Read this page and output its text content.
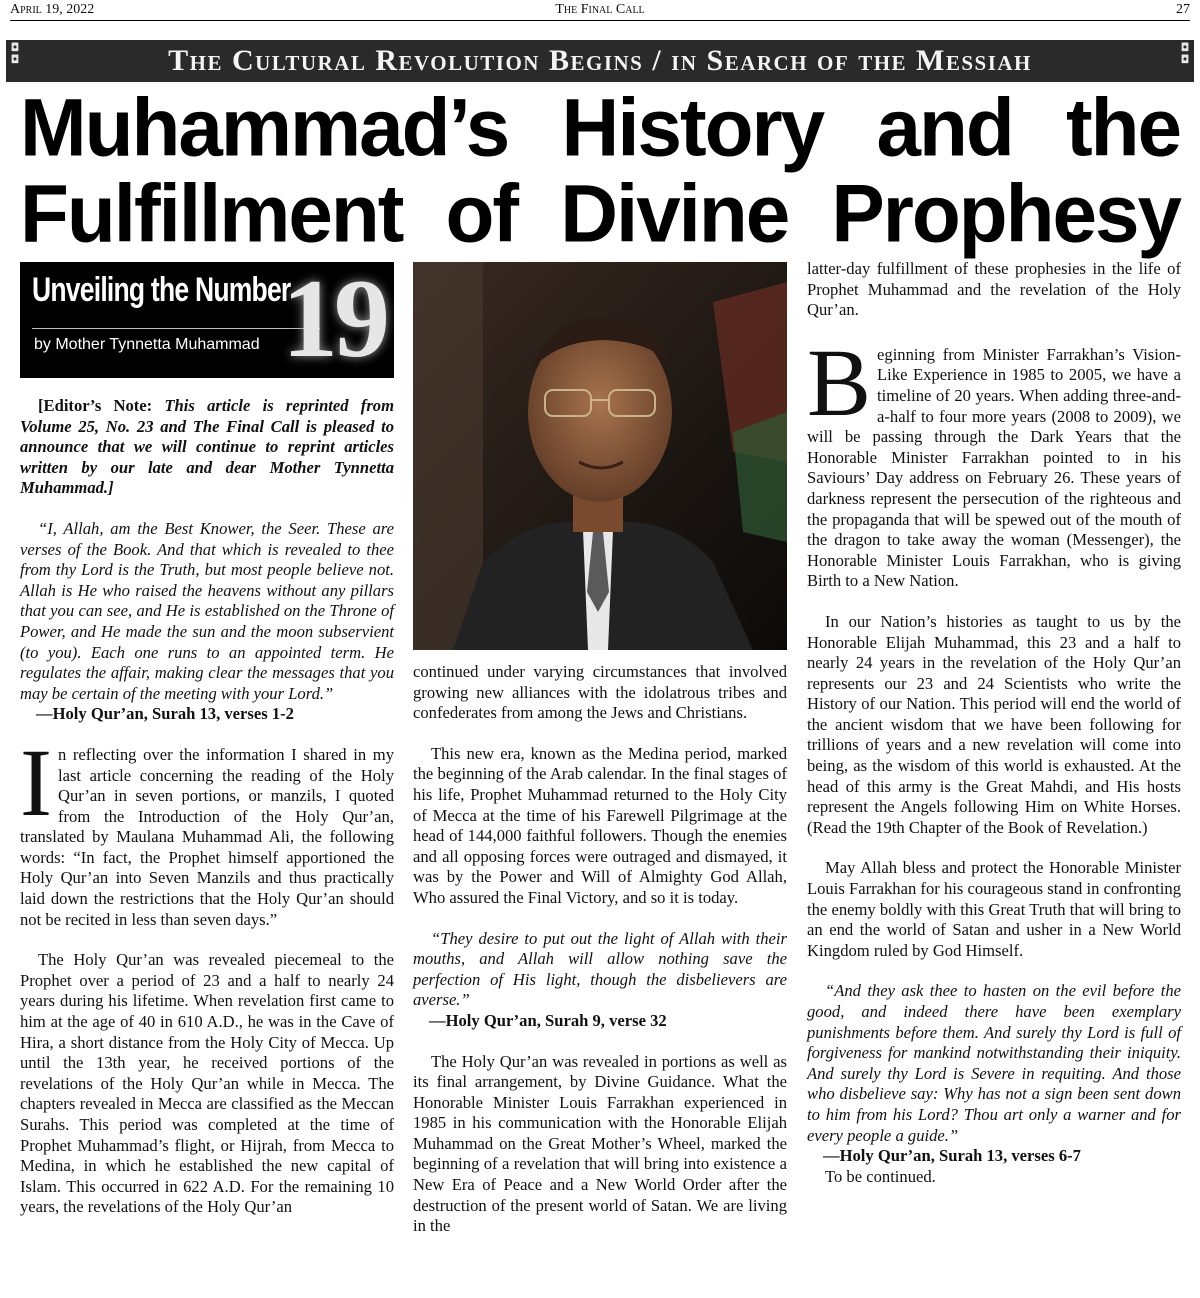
April 19, 2022	The Final Call	27
◘
◘	The Cultural Revolution Begins / in Search of the Messiah	◘
◘
Muhammad’s History and the
Fulfillment of Divine Prophesy
Unveiling the Number
by Mother Tynnetta Muhammad 19

[Editor’s Note: This article is reprinted from Volume 25, No. 23 and The Final Call is pleased to announce that we will continue to reprint articles written by our late and dear Mother Tynnetta Muhammad.]

“I, Allah, am the Best Knower, the Seer. These are verses of the Book. And that which is revealed to thee from thy Lord is the Truth, but most people believe not. Allah is He who raised the heavens without any pillars that you can see, and He is established on the Throne of Power, and He made the sun and the moon subservient (to you). Each one runs to an appointed term. He regulates the affair, making clear the messages that you may be certain of the meeting with your Lord.”

—Holy Qur’an, Surah 13, verses 1-2

In reflecting over the information I shared in my last article concerning the reading of the Holy Qur’an in seven portions, or manzils, I quoted from the Introduction of the Holy Qur’an, translated by Maulana Muhammad Ali, the following words: “In fact, the Prophet himself apportioned the Holy Qur’an into Seven Manzils and thus practically laid down the restrictions that the Holy Qur’an should not be recited in less than seven days.”

The Holy Qur’an was revealed piecemeal to the Prophet over a period of 23 and a half to nearly 24 years during his lifetime. When revelation first came to him at the age of 40 in 610 A.D., he was in the Cave of Hira, a short distance from the Holy City of Mecca. Up until the 13th year, he received portions of the revelations of the Holy Qur’an while in Mecca. The chapters revealed in Mecca are classified as the Meccan Surahs. This period was completed at the time of Prophet Muhammad’s flight, or Hijrah, from Mecca to Medina, in which he established the new capital of Islam. This occurred in 622 A.D. For the remaining 10 years, the revelations of the Holy Qur’an

continued under varying circumstances that involved growing new alliances with the idolatrous tribes and confederates from among the Jews and Christians.

This new era, known as the Medina period, marked the beginning of the Arab calendar. In the final stages of his life, Prophet Muhammad returned to the Holy City of Mecca at the time of his Farewell Pilgrimage at the head of 144,000 faithful followers. Though the enemies and all opposing forces were outraged and dismayed, it was by the Power and Will of Almighty God Allah, Who assured the Final Victory, and so it is today.

“They desire to put out the light of Allah with their mouths, and Allah will allow nothing save the perfection of His light, though the disbelievers are averse.”

—Holy Qur’an, Surah 9, verse 32

The Holy Qur’an was revealed in portions as well as its final arrangement, by Divine Guidance. What the Honorable Minister Louis Farrakhan experienced in 1985 in his communication with the Honorable Elijah Muhammad on the Great Mother’s Wheel, marked the beginning of a revelation that will bring into existence a New Era of Peace and a New World Order after the destruction of the present world of Satan. We are living in the

latter-day fulfillment of these prophesies in the life of Prophet Muhammad and the revelation of the Holy Qur’an.

Beginning from Minister Farrakhan’s Vision-Like Experience in 1985 to 2005, we have a timeline of 20 years. When adding three-and-a-half to four more years (2008 to 2009), we will be passing through the Dark Years that the Honorable Minister Farrakhan pointed to in his Saviours’ Day address on February 26. These years of darkness represent the persecution of the righteous and the propaganda that will be spewed out of the mouth of the dragon to take away the woman (Messenger), the Honorable Minister Louis Farrakhan, who is giving Birth to a New Nation.

In our Nation’s histories as taught to us by the Honorable Elijah Muhammad, this 23 and a half to nearly 24 years in the revelation of the Holy Qur’an represents our 23 and 24 Scientists who write the History of our Nation. This period will end the world of the ancient wisdom that we have been following for trillions of years and a new revelation will come into being, as the wisdom of this world is exhausted. At the head of this army is the Great Mahdi, and His hosts represent the Angels following Him on White Horses. (Read the 19th Chapter of the Book of Revelation.)

May Allah bless and protect the Honorable Minister Louis Farrakhan for his courageous stand in confronting the enemy boldly with this Great Truth that will bring to an end the world of Satan and usher in a New World Kingdom ruled by God Himself.

“And they ask thee to hasten on the evil before the good, and indeed there have been exemplary punishments before them. And surely thy Lord is full of forgiveness for mankind notwithstanding their iniquity. And surely thy Lord is Severe in requiting. And those who disbelieve say: Why has not a sign been sent down to him from his Lord? Thou art only a warner and for every people a guide.”

—Holy Qur’an, Surah 13, verses 6-7

To be continued.
